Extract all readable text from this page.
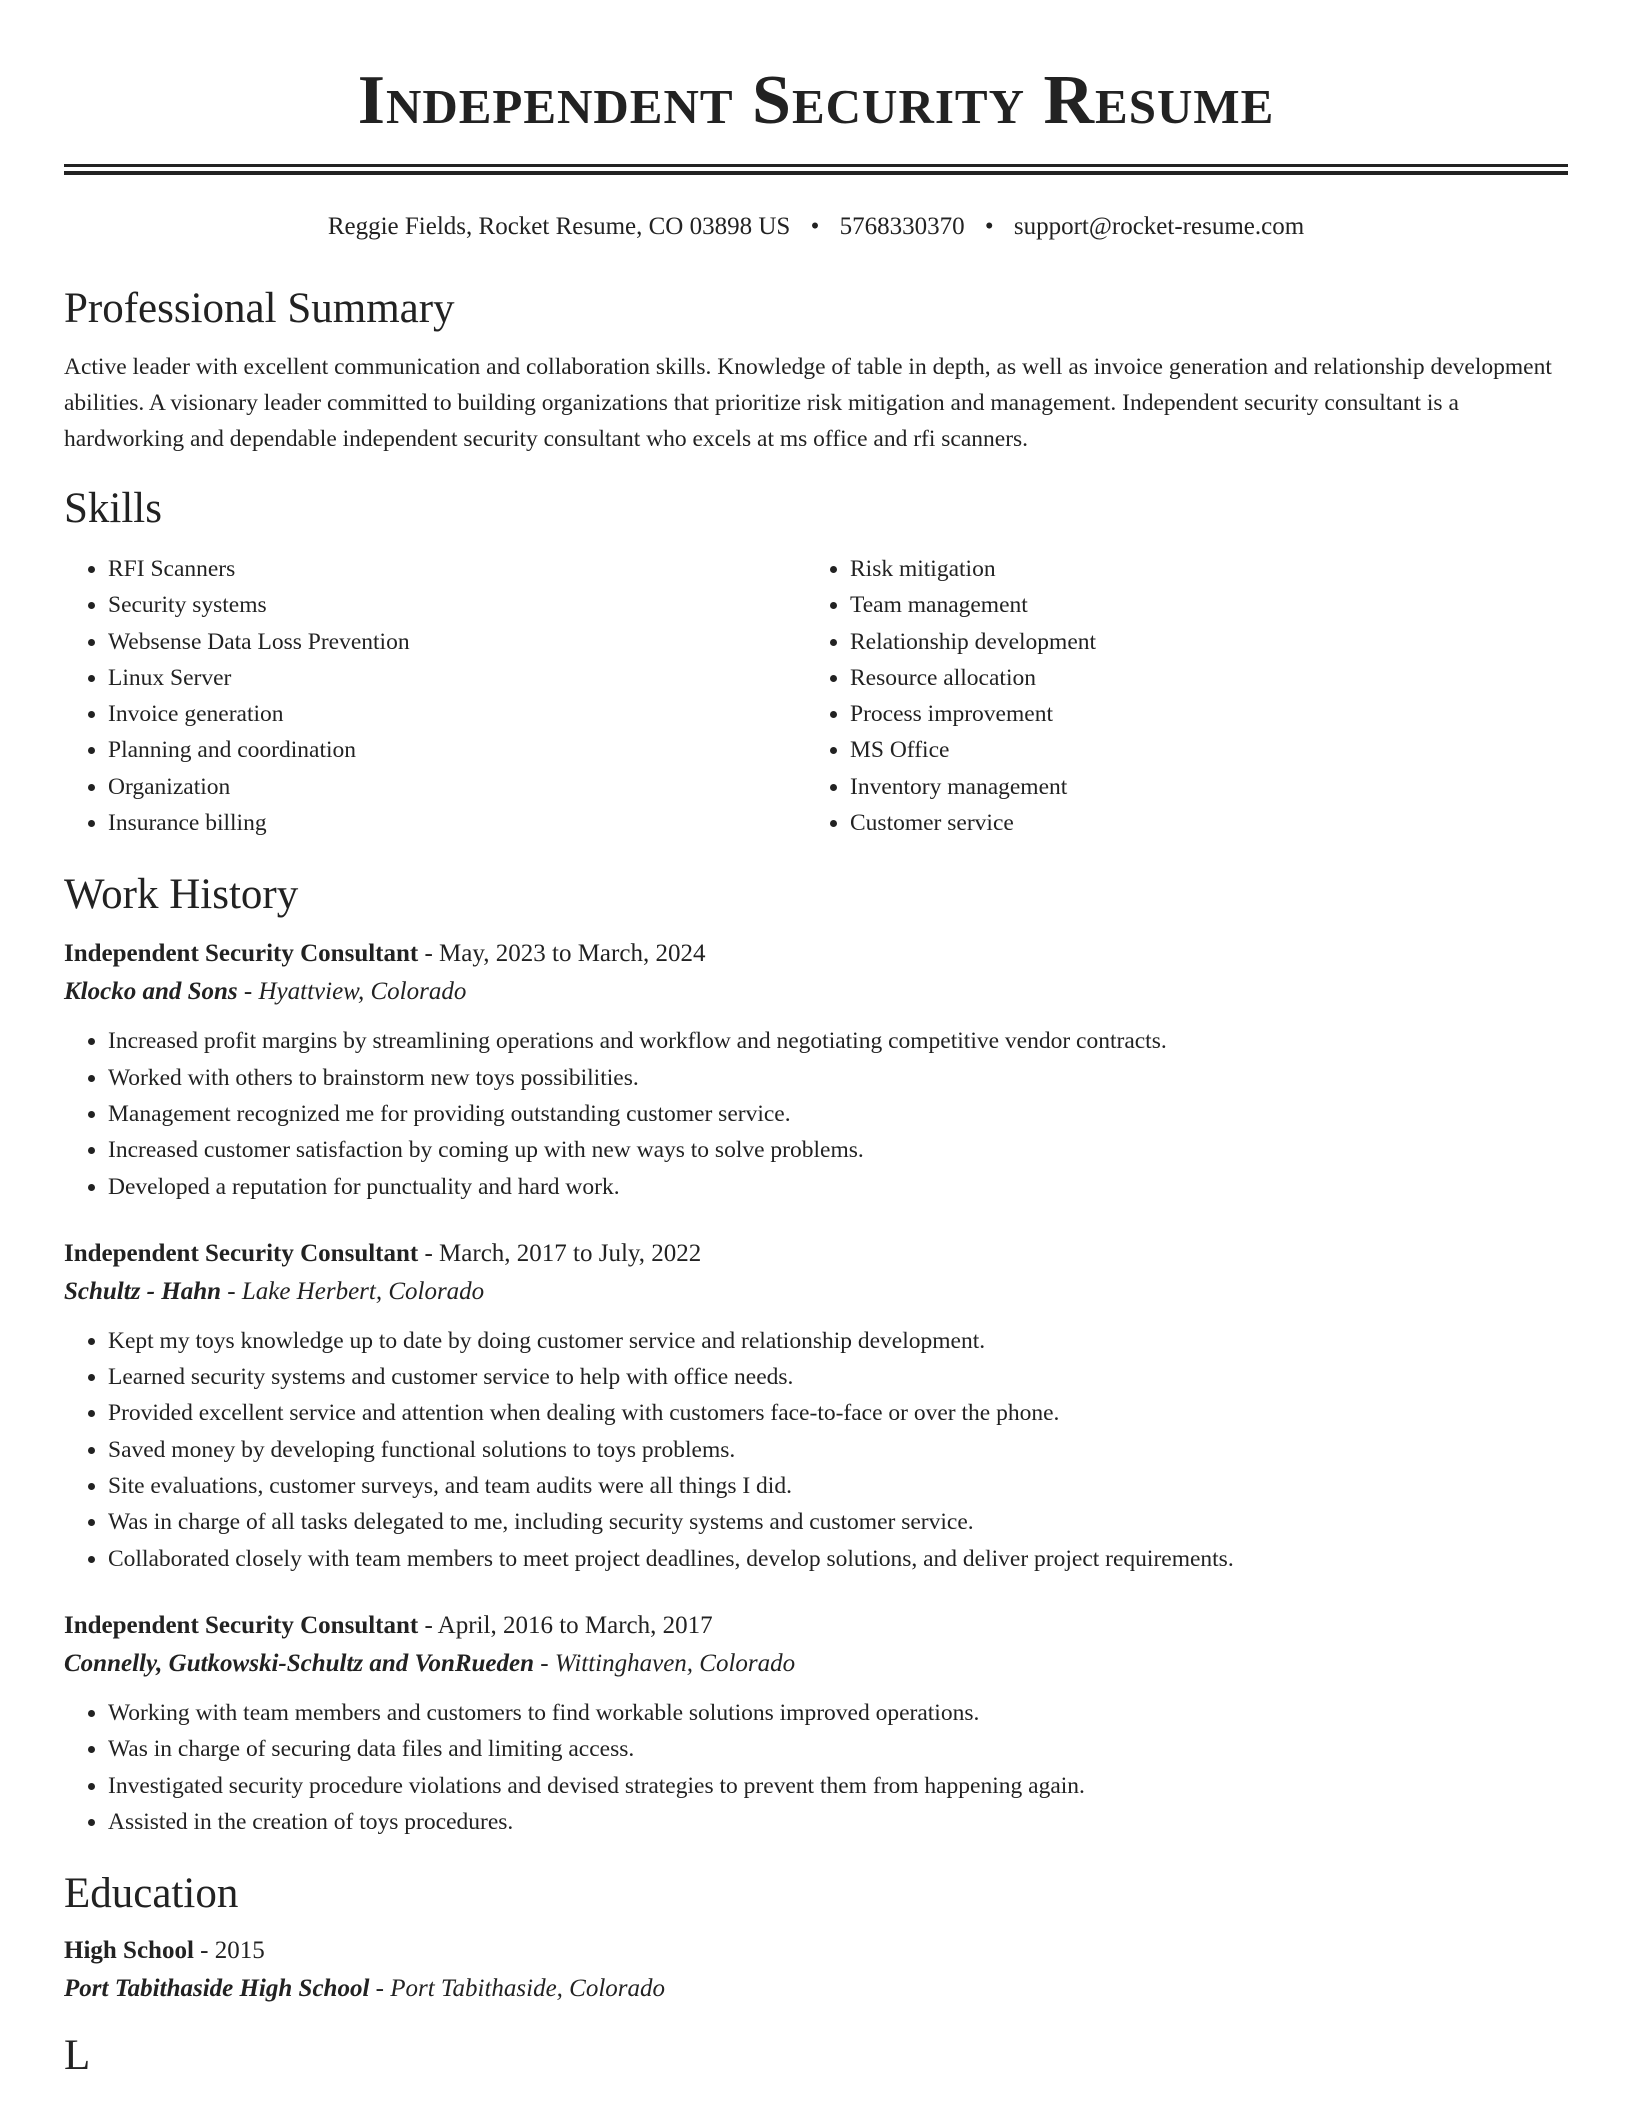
Independent Security Resume
Reggie Fields, Rocket Resume, CO 03898 US • 5768330370 • support@rocket-resume.com
Professional Summary

Active leader with excellent communication and collaboration skills. Knowledge of table in depth, as well as invoice generation and relationship development abilities. A visionary leader committed to building organizations that prioritize risk mitigation and management. Independent security consultant is a hardworking and dependable independent security consultant who excels at ms office and rfi scanners.

Skills
• RFI Scanners
• Security systems
• Websense Data Loss Prevention
• Linux Server
• Invoice generation
• Planning and coordination
• Organization
• Insurance billing
• Risk mitigation
• Team management
• Relationship development
• Resource allocation
• Process improvement
• MS Office
• Inventory management
• Customer service
Work History
Independent Security Consultant - May, 2023 to March, 2024
Klocko and Sons - Hyattview, Colorado
• Increased profit margins by streamlining operations and workflow and negotiating competitive vendor contracts.
• Worked with others to brainstorm new toys possibilities.
• Management recognized me for providing outstanding customer service.
• Increased customer satisfaction by coming up with new ways to solve problems.
• Developed a reputation for punctuality and hard work.
Independent Security Consultant - March, 2017 to July, 2022
Schultz - Hahn - Lake Herbert, Colorado
• Kept my toys knowledge up to date by doing customer service and relationship development.
• Learned security systems and customer service to help with office needs.
• Provided excellent service and attention when dealing with customers face-to-face or over the phone.
• Saved money by developing functional solutions to toys problems.
• Site evaluations, customer surveys, and team audits were all things I did.
• Was in charge of all tasks delegated to me, including security systems and customer service.
• Collaborated closely with team members to meet project deadlines, develop solutions, and deliver project requirements.
Independent Security Consultant - April, 2016 to March, 2017
Connelly, Gutkowski-Schultz and VonRueden - Wittinghaven, Colorado
• Working with team members and customers to find workable solutions improved operations.
• Was in charge of securing data files and limiting access.
• Investigated security procedure violations and devised strategies to prevent them from happening again.
• Assisted in the creation of toys procedures.
Education
High School - 2015
Port Tabithaside High School - Port Tabithaside, Colorado
L
